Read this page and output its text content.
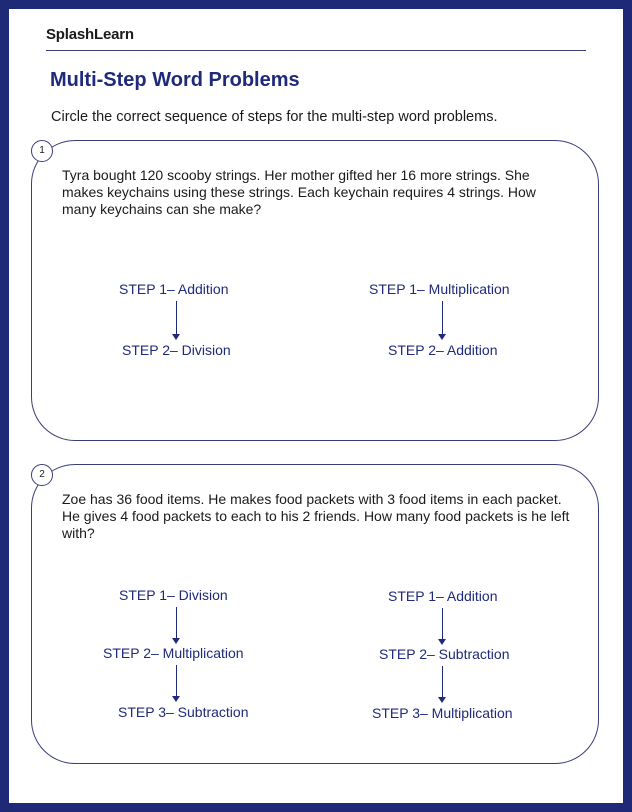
SplashLearn
Multi-Step Word Problems
Circle the correct sequence of steps for the multi-step word problems.
1

Tyra bought 120 scooby strings. Her mother gifted her 16 more strings. She makes keychains using these strings. Each keychain requires 4 strings. How many keychains can she make?

STEP 1– Addition
STEP 2– Division
STEP 1– Multiplication
STEP 2– Addition
2

Zoe has 36 food items. He makes food packets with 3 food items in each packet. He gives 4 food packets to each to his 2 friends. How many food packets is he left with?

STEP 1– Division
STEP 2– Multiplication
STEP 3– Subtraction
STEP 1– Addition
STEP 2– Subtraction
STEP 3– Multiplication
